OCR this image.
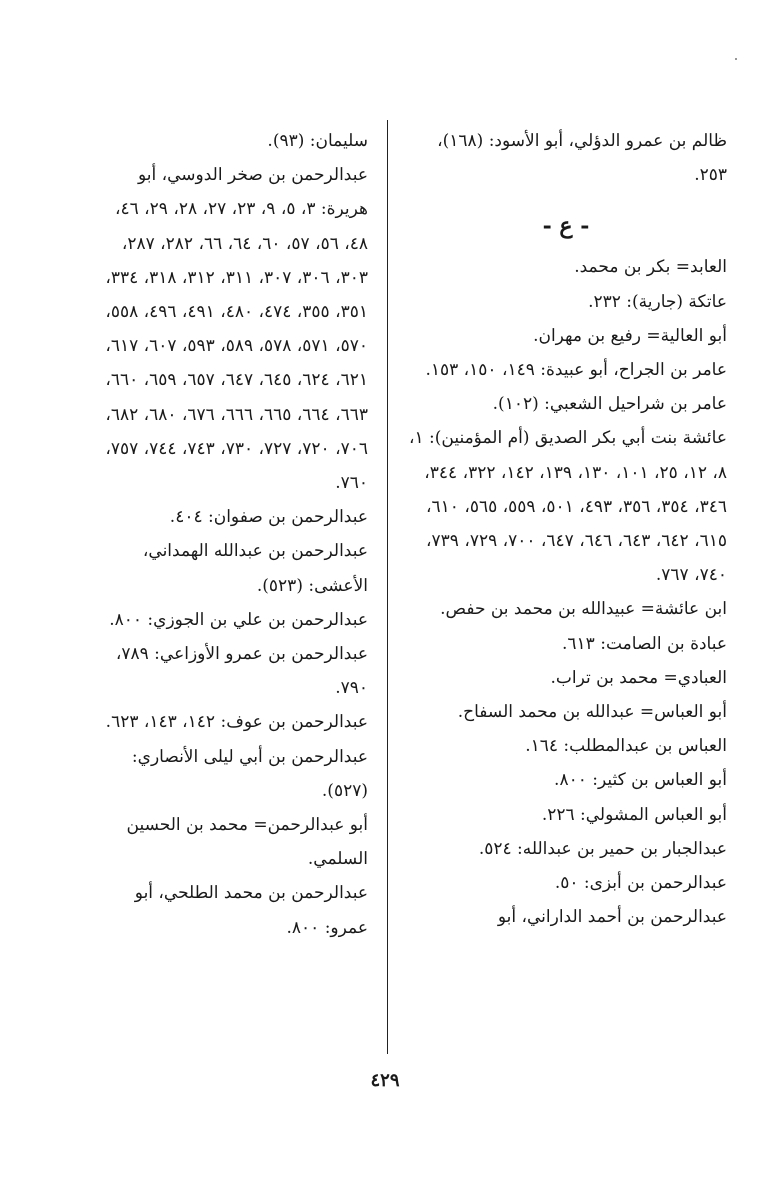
ظالم بن عمرو الدؤلي، أبو الأسود: (١٦٨)، ٢٥٣.

- ع -

العابد= بكر بن محمد.

عاتكة (جارية): ٢٣٢.

أبو العالية= رفيع بن مهران.

عامر بن الجراح، أبو عبيدة: ١٤٩، ١٥٠، ١٥٣.

عامر بن شراحيل الشعبي: (١٠٢).

عائشة بنت أبي بكر الصديق (أم المؤمنين): ١، ٨، ١٢، ٢٥، ١٠١، ١٣٠، ١٣٩، ١٤٢، ٣٢٢، ٣٤٤، ٣٤٦، ٣٥٤، ٣٥٦، ٤٩٣، ٥٠١، ٥٥٩، ٥٦٥، ٦١٠، ٦١٥، ٦٤٢، ٦٤٣، ٦٤٦، ٦٤٧، ٧٠٠، ٧٢٩، ٧٣٩، ٧٤٠، ٧٦٧.

ابن عائشة= عبيدالله بن محمد بن حفص.

عبادة بن الصامت: ٦١٣.

العبادي= محمد بن تراب.

أبو العباس= عبدالله بن محمد السفاح.

العباس بن عبدالمطلب: ١٦٤.

أبو العباس بن كثير: ٨٠٠.

أبو العباس المشولي: ٢٢٦.

عبدالجبار بن حمير بن عبدالله: ٥٢٤.

عبدالرحمن بن أبزى: ٥٠.

عبدالرحمن بن أحمد الداراني، أبو

سليمان: (٩٣).

عبدالرحمن بن صخر الدوسي، أبو هريرة: ٣، ٥، ٩، ٢٣، ٢٧، ٢٨، ٢٩، ٤٦، ٤٨، ٥٦، ٥٧، ٦٠، ٦٤، ٦٦، ٢٨٢، ٢٨٧، ٣٠٣، ٣٠٦، ٣٠٧، ٣١١، ٣١٢، ٣١٨، ٣٣٤، ٣٥١، ٣٥٥، ٤٧٤، ٤٨٠، ٤٩١، ٤٩٦، ٥٥٨، ٥٧٠، ٥٧١، ٥٧٨، ٥٨٩، ٥٩٣، ٦٠٧، ٦١٧، ٦٢١، ٦٢٤، ٦٤٥، ٦٤٧، ٦٥٧، ٦٥٩، ٦٦٠، ٦٦٣، ٦٦٤، ٦٦٥، ٦٦٦، ٦٧٦، ٦٨٠، ٦٨٢، ٧٠٦، ٧٢٠، ٧٢٧، ٧٣٠، ٧٤٣، ٧٤٤، ٧٥٧، ٧٦٠.

عبدالرحمن بن صفوان: ٤٠٤.

عبدالرحمن بن عبدالله الهمداني، الأعشى: (٥٢٣).

عبدالرحمن بن علي بن الجوزي: ٨٠٠.

عبدالرحمن بن عمرو الأوزاعي: ٧٨٩، ٧٩٠.

عبدالرحمن بن عوف: ١٤٢، ١٤٣، ٦٢٣.

عبدالرحمن بن أبي ليلى الأنصاري: (٥٢٧).

أبو عبدالرحمن= محمد بن الحسين السلمي.

عبدالرحمن بن محمد الطلحي، أبو عمرو: ٨٠٠.

٤٢٩
